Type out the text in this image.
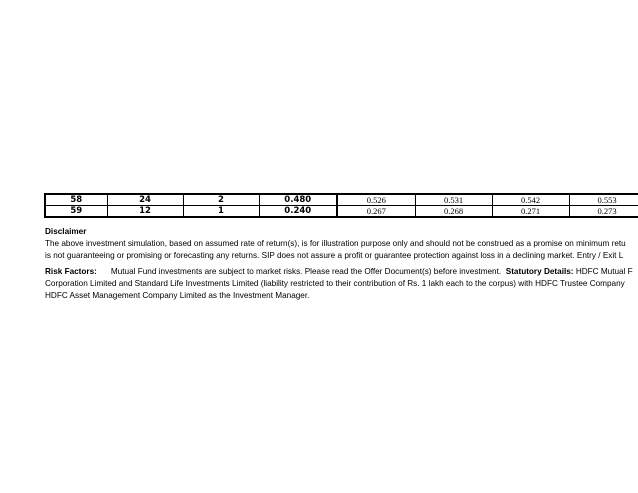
58	24	2	0.480	0.526	0.531	0.542	0.553
59	12	1	0.240	0.267	0.268	0.271	0.273
Disclaimer
The above investment simulation, based on assumed rate of return(s), is for illustration purpose only and should not be construed as a promise on minimum retu
is not guaranteeing or promising or forecasting any returns. SIP does not assure a profit or guarantee protection against loss in a declining market. Entry / Exit L
Risk Factors: Mutual Fund investments are subject to market risks. Please read the Offer Document(s) before investment. Statutory Details: HDFC Mutual F
Corporation Limited and Standard Life Investments Limited (liability restricted to their contribution of Rs. 1 lakh each to the corpus) with HDFC Trustee Company
HDFC Asset Management Company Limited as the Investment Manager.
